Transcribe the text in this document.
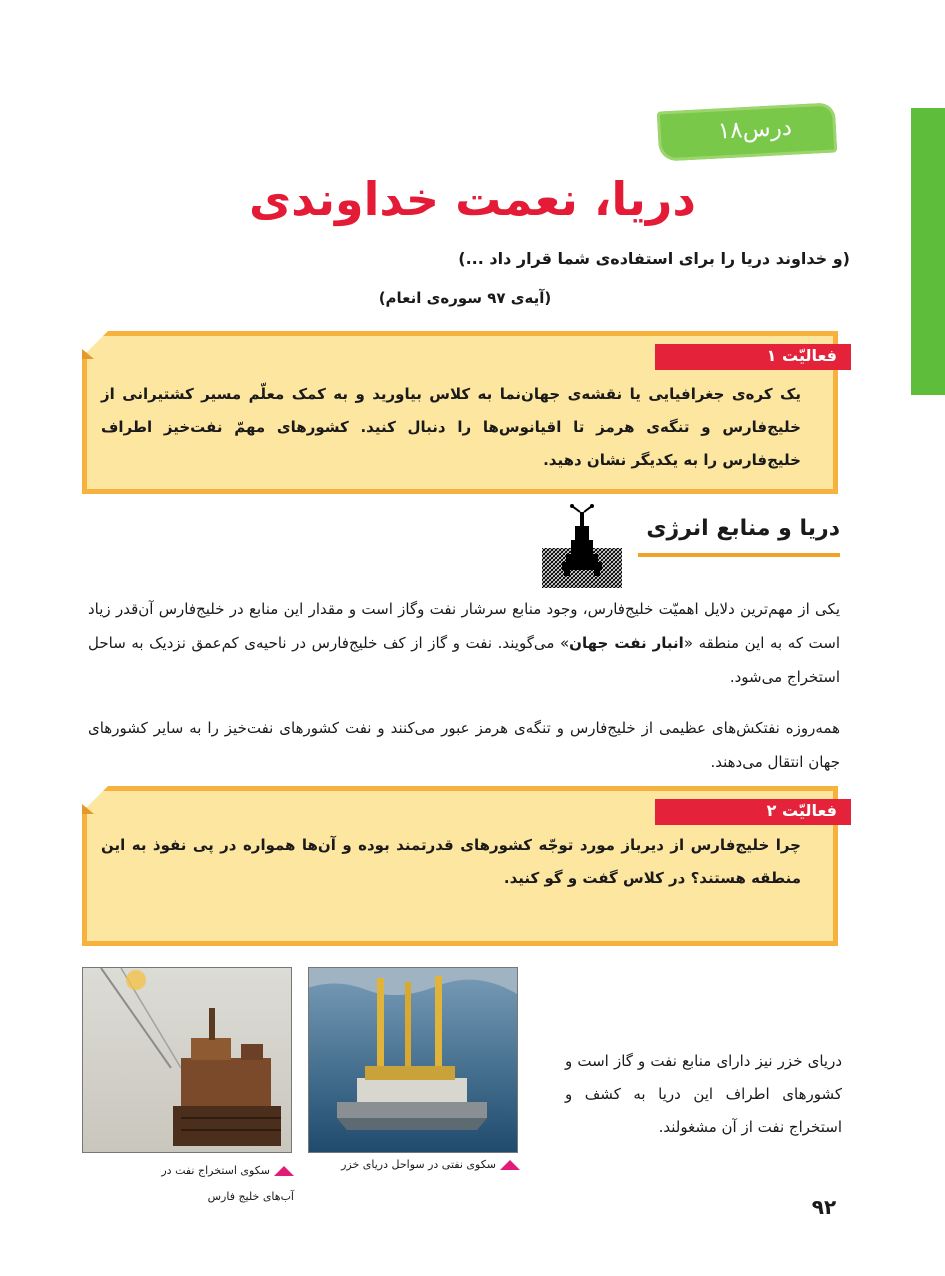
درس۱۸
دریا، نعمت خداوندی
(و خداوند دریا را برای استفاده‌ی شما قرار داد ...)
(آیه‌ی ۹۷ سوره‌ی انعام)
فعالیّت ۱

یک کره‌ی جغرافیایی یا نقشه‌ی جهان‌نما به کلاس بیاورید و به کمک معلّم مسیر کشتیرانی از خلیج‌فارس و تنگه‌ی هرمز تا اقیانوس‌ها را دنبال کنید. کشورهای مهمّ نفت‌خیز اطراف خلیج‌فارس را به یکدیگر نشان دهید.

دریا و منابع انرژی

یکی از مهم‌ترین دلایل اهمیّت خلیج‌فارس، وجود منابع سرشار نفت وگاز است و مقدار این منابع در خلیج‌فارس آن‌قدر زیاد است که به این منطقه «انبار نفت جهان» می‌گویند. نفت و گاز از کف خلیج‌فارس در ناحیه‌ی کم‌عمق نزدیک به ساحل استخراج می‌شود.

همه‌روزه نفتکش‌های عظیمی از خلیج‌فارس و تنگه‌ی هرمز عبور می‌کنند و نفت کشورهای نفت‌خیز را به سایر کشورهای جهان انتقال می‌دهند.

فعالیّت ۲

چرا خلیج‌فارس از دیرباز مورد توجّه کشورهای قدرتمند بوده و آن‌ها همواره در پی نفوذ به این منطقه هستند؟ در کلاس گفت و گو کنید.

سکوی نفتی در سواحل دریای خزر
سکوی استخراج نفت در آب‌های خلیج فارس

دریای خزر نیز دارای منابع نفت و گاز است و کشورهای اطراف این دریا به کشف و استخراج نفت از آن مشغولند.

۹۲
